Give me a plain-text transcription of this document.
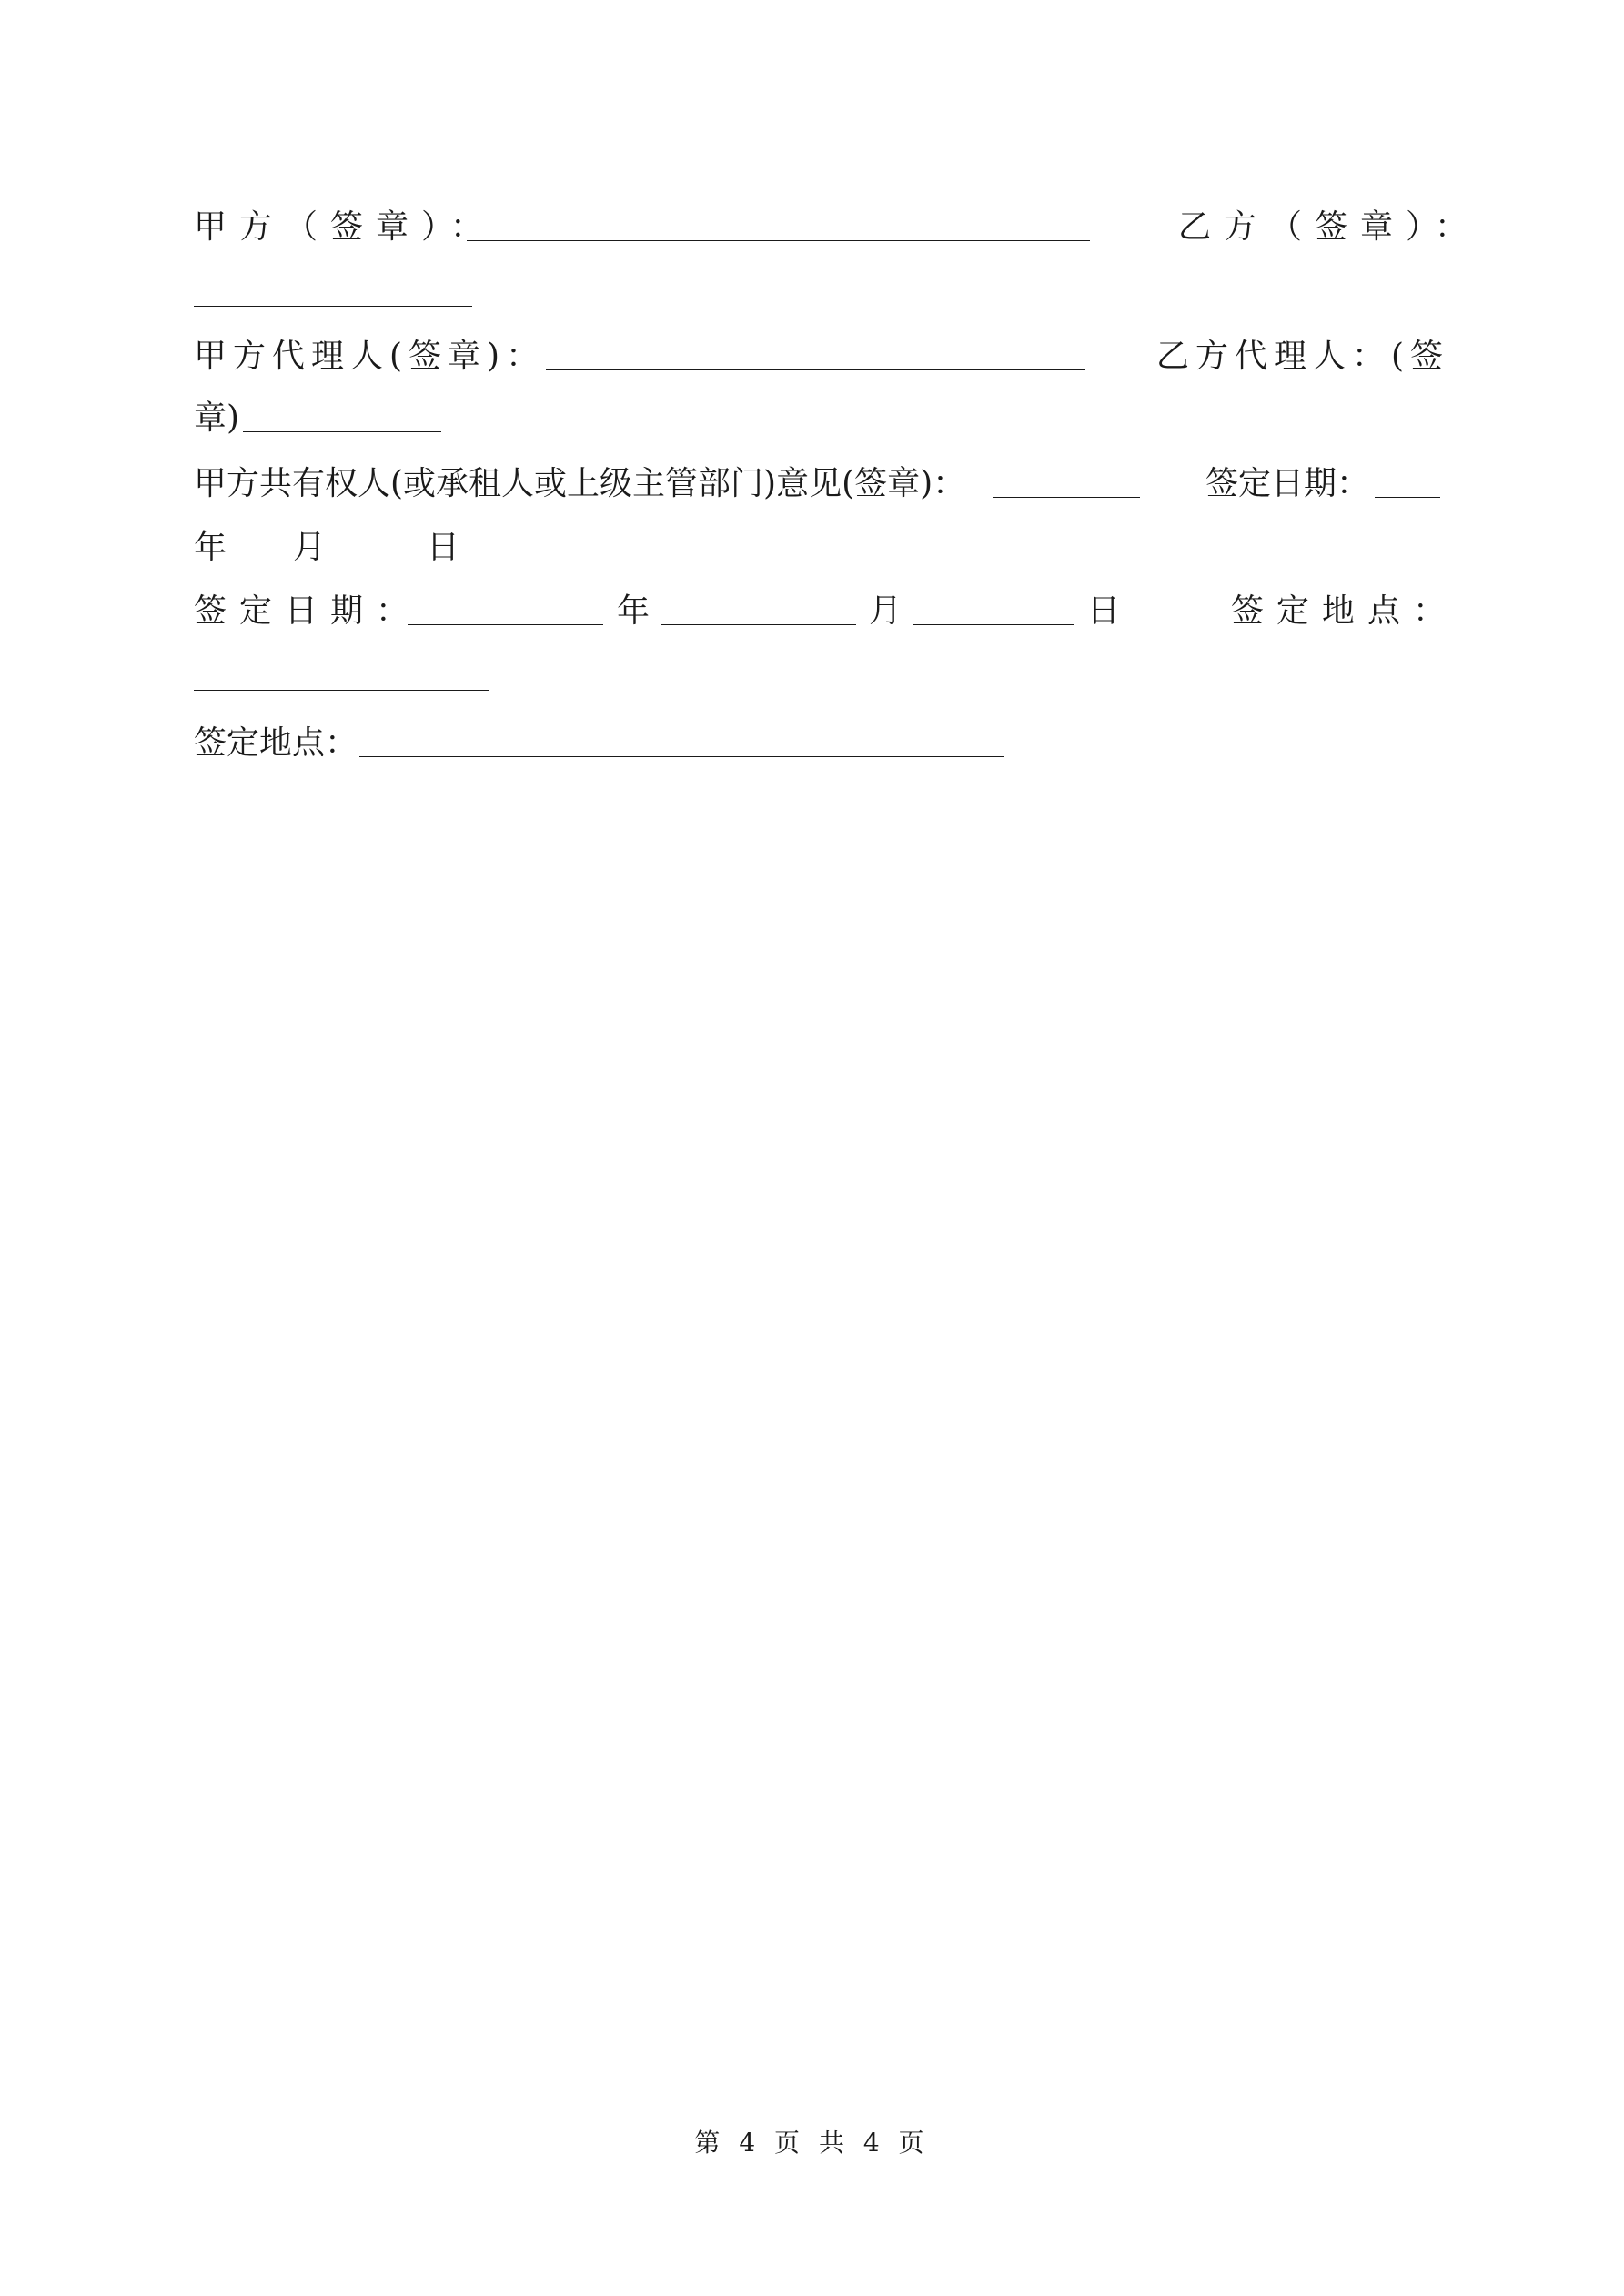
甲方（签章）：	乙方（签章）：
甲方代理人(签章)：	乙方代理人：(签
章)
甲方共有权人(或承租人或上级主管部门)意见(签章)：	签定日期：
年 月	日
签定日期：	年	月	日	签定地点：
签定地点：
第 4 页 共 4 页
